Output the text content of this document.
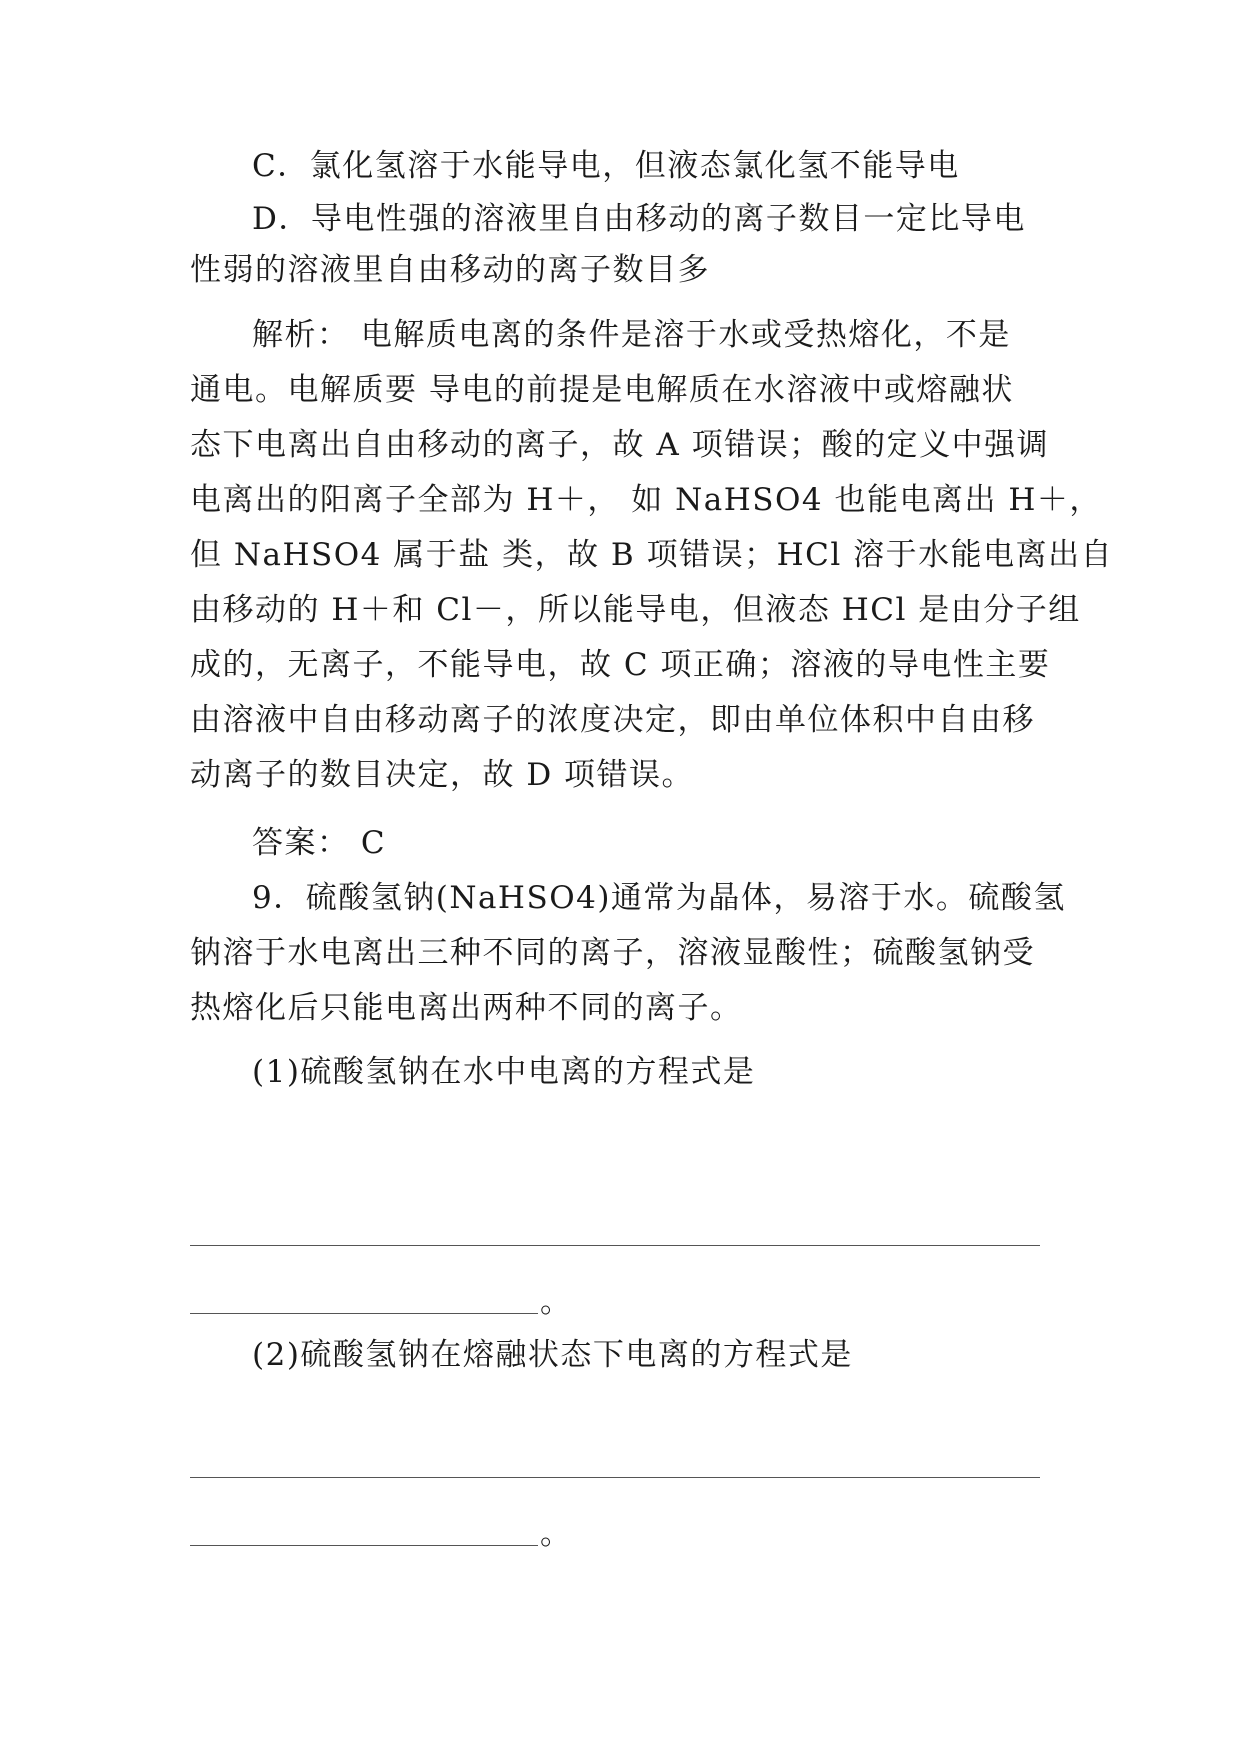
C．氯化氢溶于水能导电，但液态氯化氢不能导电
D．导电性强的溶液里自由移动的离子数目一定比导电
性弱的溶液里自由移动的离子数目多
解析： 电解质电离的条件是溶于水或受热熔化，不是
通电。电解质要 导电的前提是电解质在水溶液中或熔融状
态下电离出自由移动的离子，故 A 项错误；酸的定义中强调
电离出的阳离子全部为 H＋， 如 NaHSO4 也能电离出 H＋，
但 NaHSO4 属于盐 类，故 B 项错误；HCl 溶于水能电离出自
由移动的 H＋和 Cl－，所以能导电，但液态 HCl 是由分子组
成的，无离子，不能导电，故 C 项正确；溶液的导电性主要
由溶液中自由移动离子的浓度决定，即由单位体积中自由移
动离子的数目决定，故 D 项错误。
答案： C
9．硫酸氢钠(NaHSO4)通常为晶体，易溶于水。硫酸氢
钠溶于水电离出三种不同的离子，溶液显酸性；硫酸氢钠受
热熔化后只能电离出两种不同的离子。
(1)硫酸氢钠在水中电离的方程式是
。
(2)硫酸氢钠在熔融状态下电离的方程式是
。
